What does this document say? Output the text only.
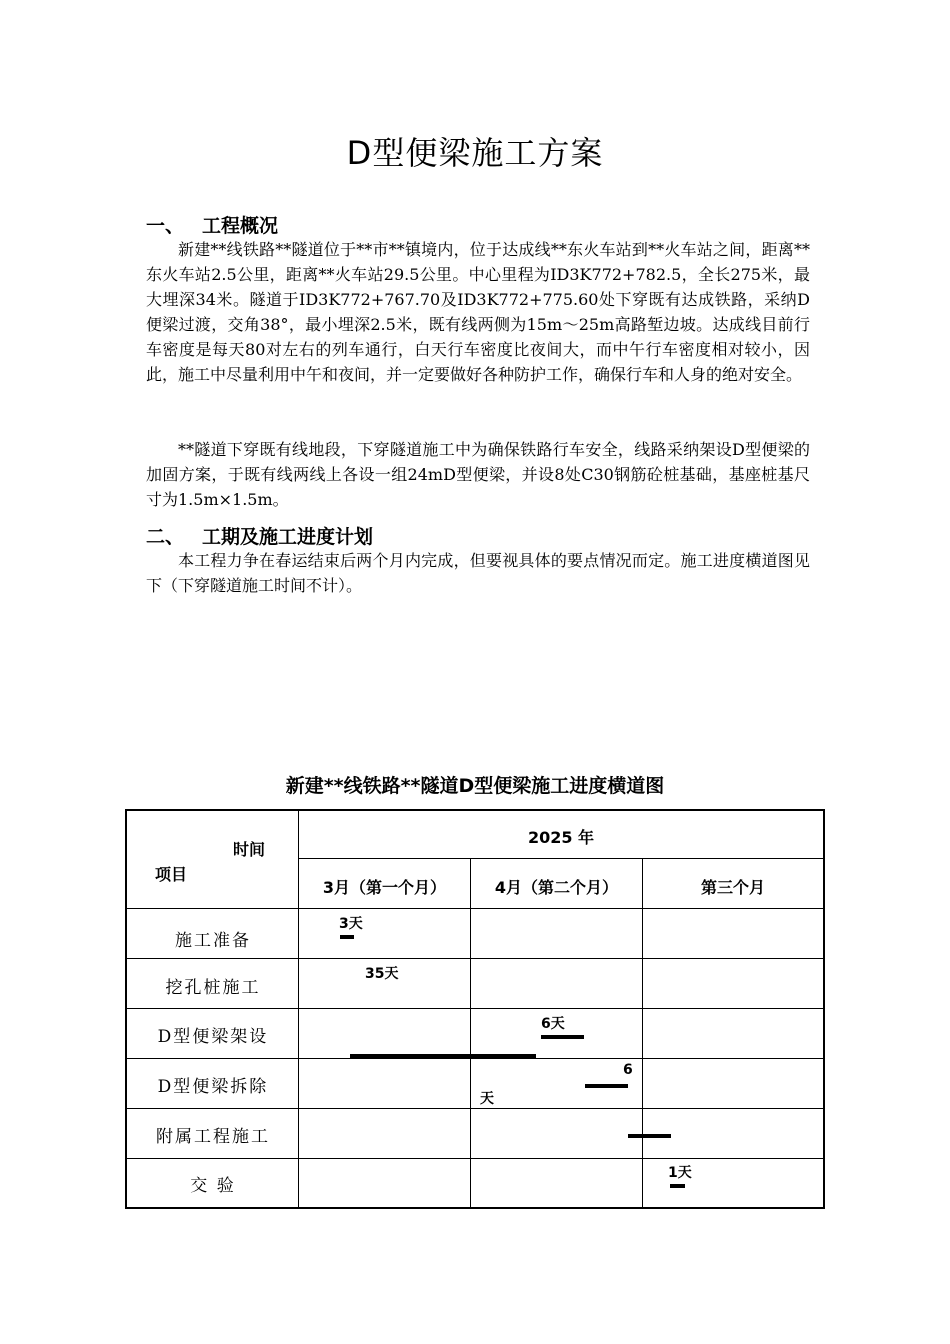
D型便梁施工方案
一、 工程概况

新建**线铁路**隧道位于**市**镇境内，位于达成线**东火车站到**火车站之间，距离**东火车站2.5公里，距离**火车站29.5公里。中心里程为ID3K772+782.5，全长275米，最大埋深34米。隧道于ID3K772+767.70及ID3K772+775.60处下穿既有达成铁路，采纳D便梁过渡，交角38°，最小埋深2.5米，既有线两侧为15m～25m高路堑边坡。达成线目前行车密度是每天80对左右的列车通行，白天行车密度比夜间大，而中午行车密度相对较小，因此，施工中尽量利用中午和夜间，并一定要做好各种防护工作，确保行车和人身的绝对安全。

**隧道下穿既有线地段，下穿隧道施工中为确保铁路行车安全，线路采纳架设D型便梁的加固方案，于既有线两线上各设一组24mD型便梁，并设8处C30钢筋砼桩基础，基座桩基尺寸为1.5m×1.5m。

二、 工期及施工进度计划

本工程力争在春运结束后两个月内完成，但要视具体的要点情况而定。施工进度横道图见下（下穿隧道施工时间不计）。

新建**线铁路**隧道D型便梁施工进度横道图
时间
项目
2025 年
3月（第一个月）	4月（第二个月）	第三个月
施工准备
挖孔桩施工
D型便梁架设
D型便梁拆除
附属工程施工
交 验
3天
35天
6天
6
天
1天
